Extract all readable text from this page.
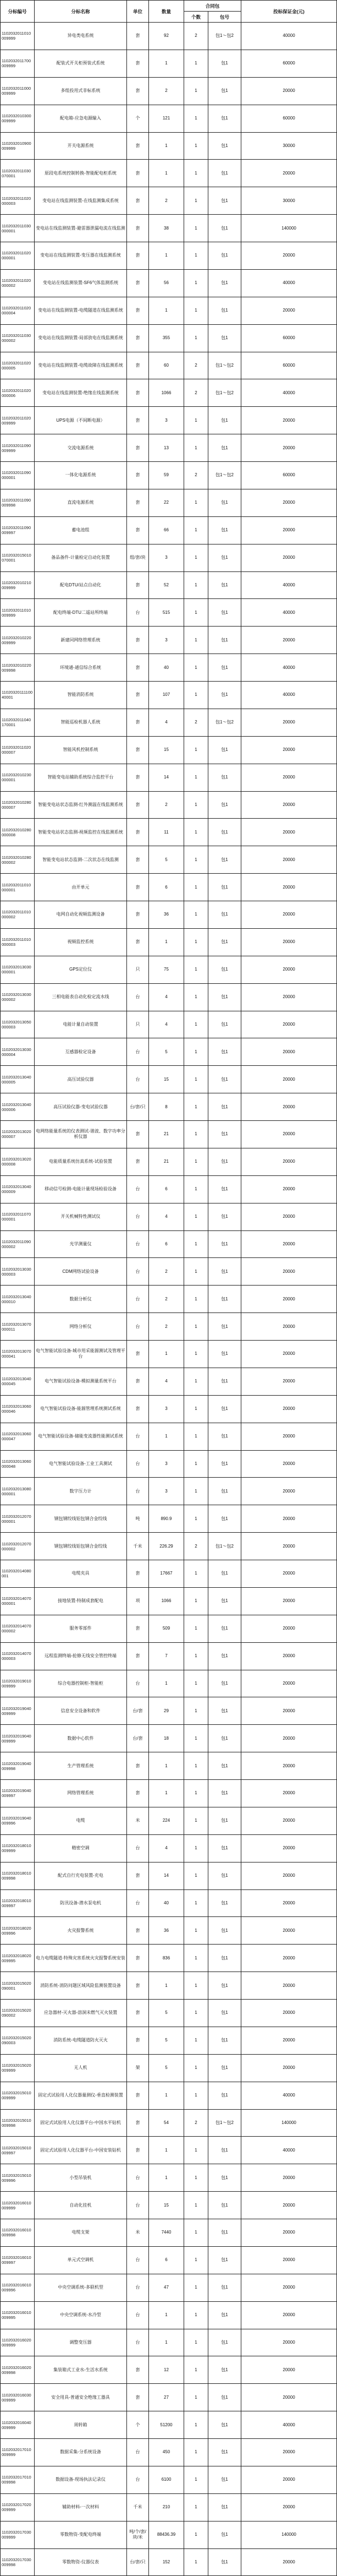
分标编号	分标名称	单位	数量	合同包		投标保证金(元)
				个数	包号	
1102032011010009999	异电类电系统	套	92	2	包1～包2	40000
1102032011700009999	配装式开关柜预装式系统	套	1	1	包1	60000
1102032011000009999	多组投用式非标系统	套	2	1	包1	20000
1102032010300009999	配电箱-应急电源输入	个	121	1	包1	60000
1102032010900009999	开关电源系统	套	1	1	包1	30000
1102032011030070001	原段电系统控制转换-智能配电柜系统	套	1	1	包1	20000
1102032011020000003	变电站在线监测装置-在线监测集成系统	套	2	1	包1	30000
1102032011030000001	变电站在线监测装置-避雷器泄漏电流在线监测	套	38	1	包1	140000
1102032011020000001	变电站在线监测装置-变压器在线监测系统	套	1	1	包1	20000
1102032011020000002	变电站在线监测装置-SF6气体监测系统	套	56	1	包1	40000
1102032011020000004	变电站在线监测装置-电缆隧道在线监测系统	套	1	1	包1	20000
1102032011030000002	变电站在线监测装置-局部放电在线监测系统	套	355	1	包1	60000
1102032011020000005	变电站在线监测装置-电缆故障在线监测系统	套	60	2	包1～包2	60000
1102032011020000006	变电站在线监测装置-绝缘在线监测系统	套	1066	2	包1～包2	40000
1102032011020009999	UPS电源（不间断电源）	套	3	1	包1	20000
1102032011090009999	交流电源系统	套	13	1	包1	20000
1102032011090000001	一体化电源系统	套	59	2	包1～包2	60000
1102032011090009998	直流电源系统	套	22	1	包1	20000
1102032011090009997	蓄电池组	套	66	1	包1	20000
1102032015010070001	备品备件-计量检定自动化装置	组/套/块	3	1	包1	20000
1102032010210009999	配电DTU/站点自动化	套	52	1	包1	40000
1102032011010009999	配电终端-DTU二遥站所终端	台	515	1	包1	40000
1102032010220009999	新建同网络管理系统	套	3	1	包1	20000
1102032010220009998	环境通-通信综合系统	套	40	1	包1	40000
1102032011110040001	智能消防系统	套	107	1	包1	40000
1102032011040170001	智能巡检机器人系统	套	4	2	包1～包2	20000
1102032011020000007	智能风机控制系统	套	15	1	包1	20000
1102032010230000001	智能变电站辅助系统综合监控平台	套	14	1	包1	20000
1102032010280000007	智能变电站状态监测-红外测温在线监测系统	套	2	1	包1	20000
1102032010280000008	智能变电站状态监测-视频监控在线监测系统	套	11	1	包1	20000
1102032010280000002	智能变电站状态监测-二次状态在线监测	套	5	1	包1	20000
1102032011010000001	由开单元	套	6	1	包1	20000
1102032011010000002	电网自动化视频监测设备	套	36	1	包1	20000
1102032011010000003	视频监控系统	套	1	1	包1	20000
1102032013030000001	GPS定位仪	只	75	1	包1	20000
1102032013030000002	三相电能表自动化检定流水线	台	4	1	包1	20000
1102032013050000003	电能计量自动装置	只	4	1	包1	20000
1102032013030000004	互感器检定设备	台	5	1	包1	20000
1102032013040000005	高压试验仪器	台	15	1	包1	20000
1102032013040000006	高压试验仪器-变电试验仪器	台/套/只	8	1	包1	20000
1102032013020000007	电网络能量系统的仪表测试-谐波、数字功率分析仪器	套	21	1	包1	20000
1102032013020000008	电能质量系统仿真系统-试验装置	套	21	1	包1	20000
1102032013040000009	移动信号检测-电能计量现场检验设备	台	6	1	包1	20000
1102032011070000001	开关机械特性测试仪	台	4	1	包1	20000
1102032011090000002	光学测量仪	台	6	1	包1	20000
1102032013030000003	CDM网络试验设备	台	2	1	包1	20000
1102032013040000010	数据分析仪	台	2	1	包1	20000
1102032013070000011	网络分析仪	台	2	1	包1	20000
1102032013070000041	电气智能试验设备-城市用采能源测试及管理平台	套	1	1	包1	20000
1102032013040000045	电气智能试验设备-模拟测量系统平台	套	4	1	包1	20000
1102032013060000046	电气智能试验设备-能源管理系统测试系统	套	3	1	包1	20000
1102032013060000047	电气智能试验设备-储能变流器性能测试系统	台	1	1	包1	20000
1102032013060000048	电气智能试验设备-工业工具测试	台	3	1	包1	20000
1102032013080000001	数字压力计	台	3	1	包1	20000
1102032012070000001	钢包钢绞线铝包钢合金绞线	吨	890.9	1	包1	20000
1102032012070000002	钢包钢绞线铝包钢合金绞线	千米	226.29	2	包1～包2	20000
1102032014080001	电缆夹具	套	17667	1	包1	20000
1102032014070000001	接地装置-特制成套配电	项	1066	1	包1	20000
1102032014070000002	服务零部件	套	509	1	包1	20000
1102032014070000003	远程监测终端-抢修无线安全管控终端	套	7	1	包1	20000
1102032019010009999	综合电器控制柜-智能柜	台	1	1	包1	20000
1102032019040009999	信息安全设备和软件	台/套	29	1	包1	20000
1102032019040009999	数据中心软件	台/套	18	1	包1	20000
1102032019040009998	生产管理系统	套	1	1	包1	20000
1102032019040009997	网络管理系统	套	1	1	包1	20000
1102032019040009996	电缆	米	224	1	包1	20000
1102032018010009999	精密空调	台	4	1	包1	20000
1102032018010009998	配式自行充电装置-充电	套	14	1	包1	20000
1102032018010009997	防汛设备-潜水泵电机	台	40	1	包1	20000
1102032018020009996	火灾报警系统	套	36	1	包1	20000
1102032018020009995	电力电缆隧道-特殊灾害系统火灾报警系统安装	套	836	1	包1	20000
1102032015020090001	消防系统-消防问题区域风险监测装置设备	套	1	1	包1	20000
1102032015020090002	应急器材-灭火器-溶洞未燃气灭火装置	套	5	1	包1	20000
1102032015020090003	消防系统-电缆隧道防火灭火	套	5	1	包1	20000
1102032015020009999	无人机	架	5	1	包1	20000
1102032015010009999	固定式试验用人化仪器量测仪-垂直检测装置	套	1	1	包1	40000
1102032015010009998	固定式试验用人化仪器平台-中国水平钻机	套	54	2	包1～包2	140000
1102032015010009997	固定式试验用人化仪器平台-中国安装钻机	套	1	1	包1	40000
1102032015010009996	小型吊装机	台	1	1	包1	20000
1102032016010009999	自动化挂机	台	15	1	包1	20000
1102032016010009998	电缆支架	米	7440	1	包1	20000
1102032016010009997	单元式空调机	台	6	1	包1	20000
1102032016010009996	中央空调系统-多联机型	台	47	1	包1	20000
1102032016010009995	中央空调系统-水冷型	台	1	1	包1	20000
1102032016020009999	调整变压器	台	1	1	包1	20000
1102032016020009998	集装箱式工业水-生活水系统	套	12	1	包1	20000
1102032016030009999	安全用具-普通安全绝缘工器具	套	27	1	包1	20000
1102032016040009999	周转箱	个	51200	1	包1	40000
1102032017010009999	数据采集-分系统设备	台	450	1	包1	20000
1102032017010009998	数据设备-现场执法记录仪	台	6100	1	包1	20000
1102032017020009999	辅助材料-一次材料	千米	210	1	包1	20000
1102032017030009999	零数物资-变配电终端	吨/个/套/块/米	88436.39	1	包1	140000
1102032017030009998	零数物资-仪器仪表	台/套/只	152	1	包1	20000
